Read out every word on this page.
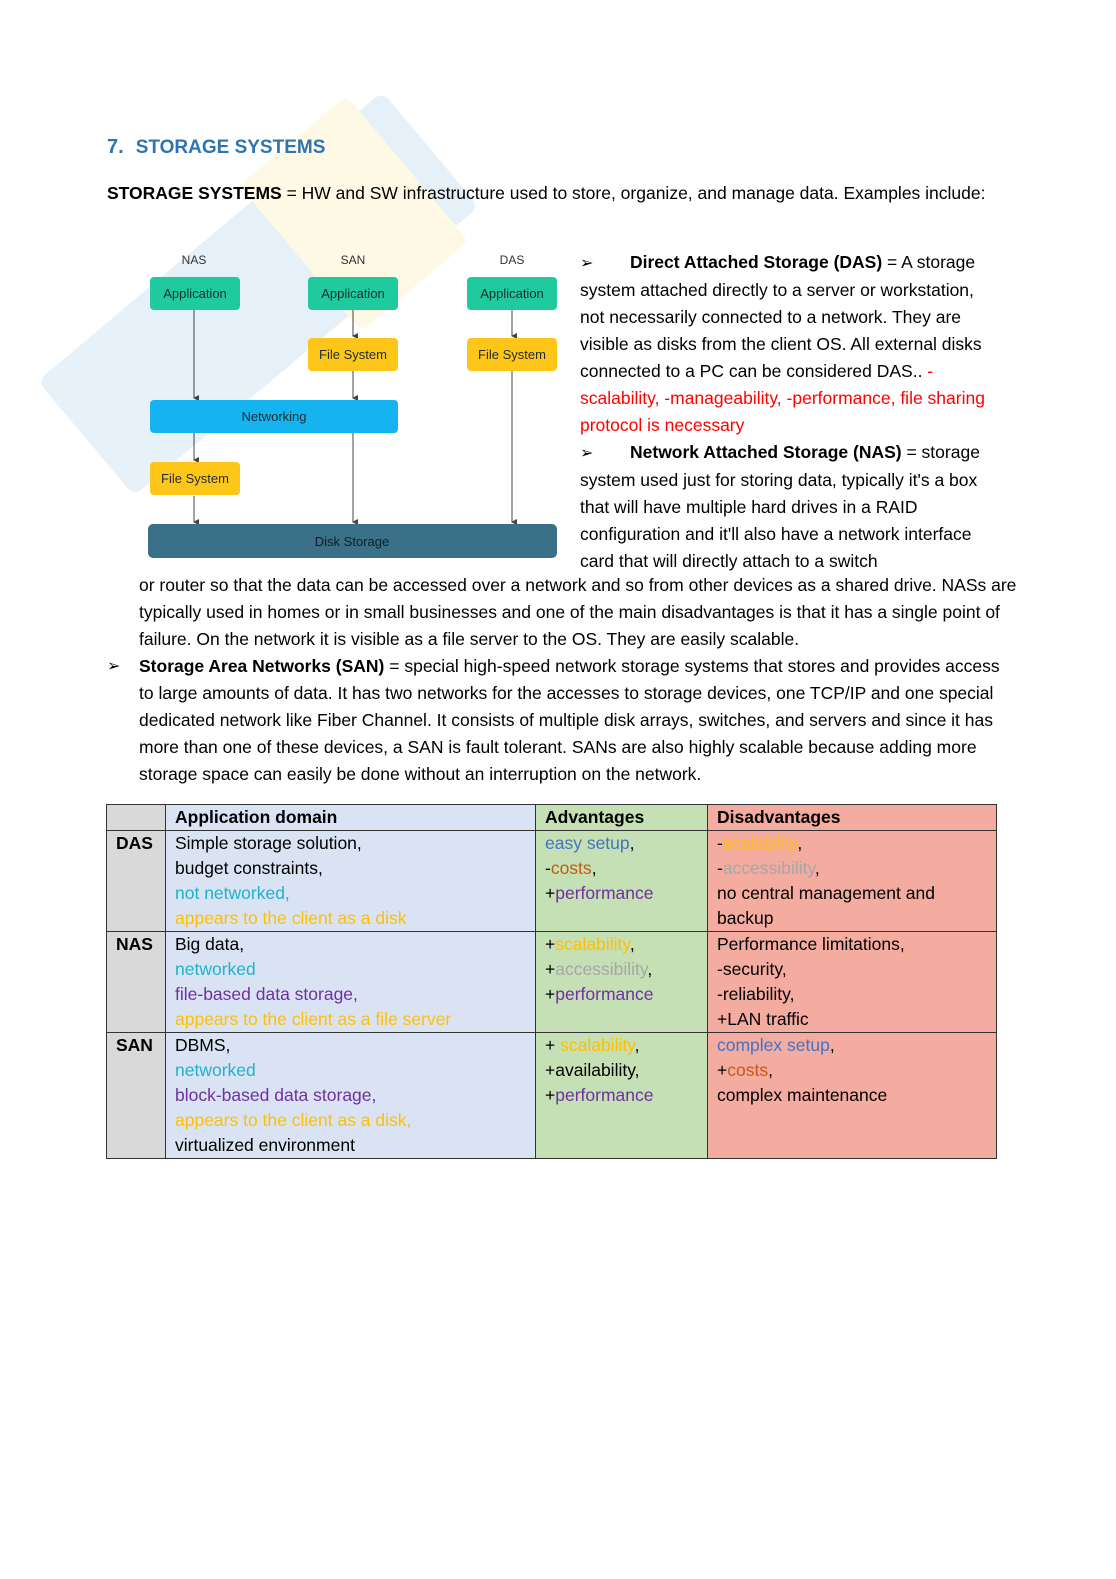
7. STORAGE SYSTEMS
STORAGE SYSTEMS = HW and SW infrastructure used to store, organize, and manage data. Examples include:
NAS	SAN	DAS
Application	Application	Application
File System	File System
Networking
File System
Disk Storage

➢ Direct Attached Storage (DAS) = A storage system attached directly to a server or workstation, not necessarily connected to a network. They are visible as disks from the client OS. All external disks connected to a PC can be considered DAS.. -scalability, -manageability, -performance, file sharing protocol is necessary

➢ Network Attached Storage (NAS) = storage system used just for storing data, typically it's a box that will have multiple hard drives in a RAID configuration and it'll also have a network interface card that will directly attach to a switch

or router so that the data can be accessed over a network and so from other devices as a shared drive. NASs are typically used in homes or in small businesses and one of the main disadvantages is that it has a single point of failure. On the network it is visible as a file server to the OS. They are easily scalable.
➢	Storage Area Networks (SAN) = special high-speed network storage systems that stores and provides access to large amounts of data. It has two networks for the accesses to storage devices, one TCP/IP and one special dedicated network like Fiber Channel. It consists of multiple disk arrays, switches, and servers and since it has more than one of these devices, a SAN is fault tolerant. SANs are also highly scalable because adding more storage space can easily be done without an interruption on the network.
	Application domain	Advantages	Disadvantages
DAS	Simple storage solution,
budget constraints,
not networked,
appears to the client as a disk	easy setup,
-costs,
+performance	-scalability,
-accessibility,
no central management and backup

NAS	Big data,
networked
file-based data storage,
appears to the client as a file server	+scalability,
+accessibility,
+performance	Performance limitations,
-security,
-reliability,
+LAN traffic

SAN	DBMS,
networked
block-based data storage,
appears to the client as a disk,
virtualized environment	+ scalability,
+availability,
+performance	complex setup,
+costs,
complex maintenance
